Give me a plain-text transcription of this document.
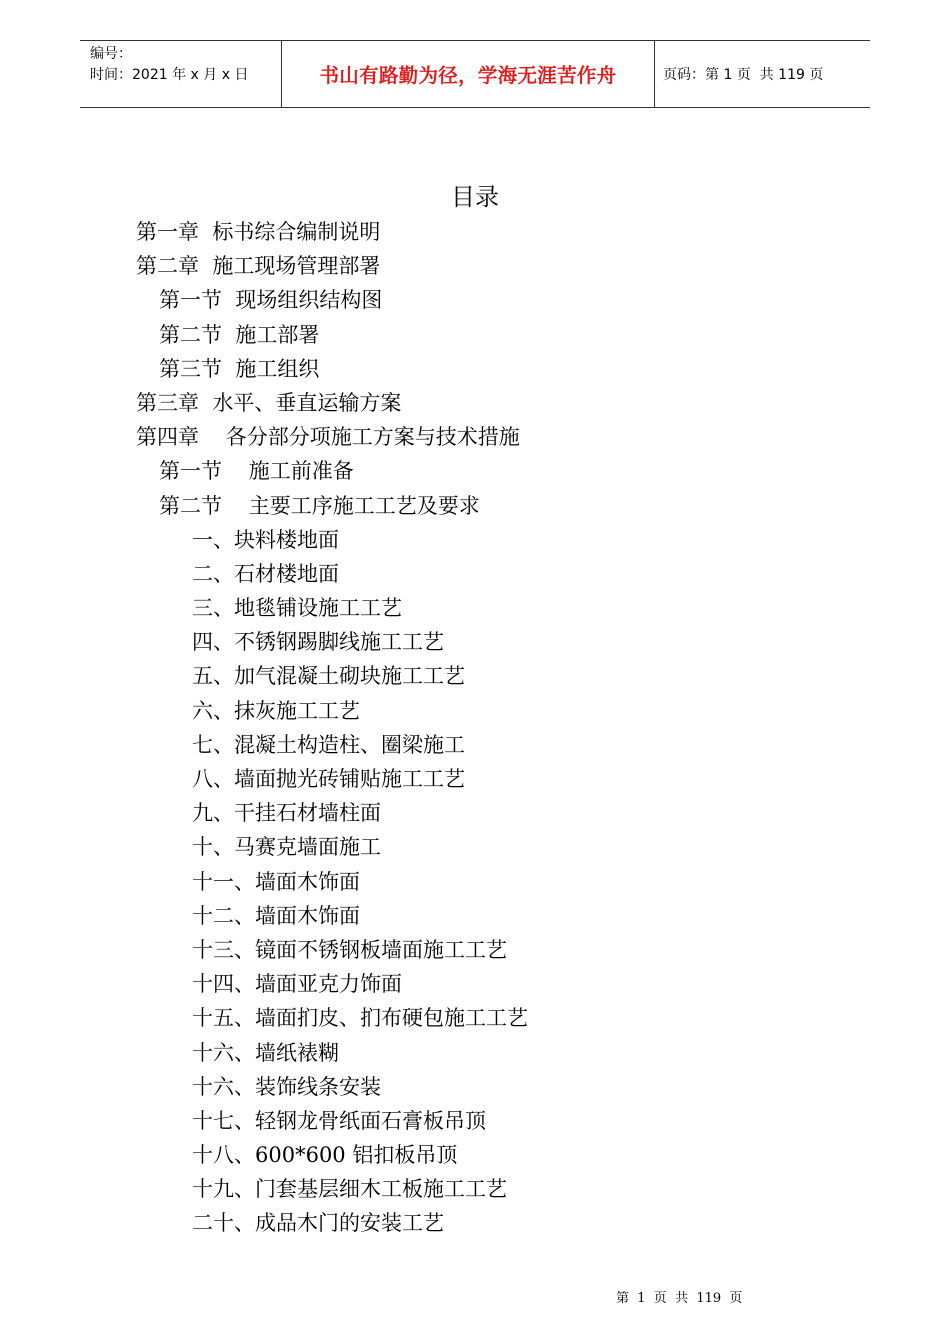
编号：
时间：2021 年 x 月 x 日	书山有路勤为径，学海无涯苦作舟	页码：第 1 页  共 119 页
目录
第一章  标书综合编制说明
第二章  施工现场管理部署
第一节  现场组织结构图
第二节  施工部署
第三节  施工组织
第三章  水平、垂直运输方案
第四章    各分部分项施工方案与技术措施
第一节    施工前准备
第二节    主要工序施工工艺及要求
一、块料楼地面
二、石材楼地面
三、地毯铺设施工工艺
四、不锈钢踢脚线施工工艺
五、加气混凝土砌块施工工艺
六、抹灰施工工艺
七、混凝土构造柱、圈梁施工
八、墙面抛光砖铺贴施工工艺
九、干挂石材墙柱面
十、马赛克墙面施工
十一、墙面木饰面
十二、墙面木饰面
十三、镜面不锈钢板墙面施工工艺
十四、墙面亚克力饰面
十五、墙面扪皮、扪布硬包施工工艺
十六、墙纸裱糊
十六、装饰线条安装
十七、轻钢龙骨纸面石膏板吊顶
十八、600*600 铝扣板吊顶
十九、门套基层细木工板施工工艺
二十、成品木门的安装工艺
第  1  页  共  119  页
